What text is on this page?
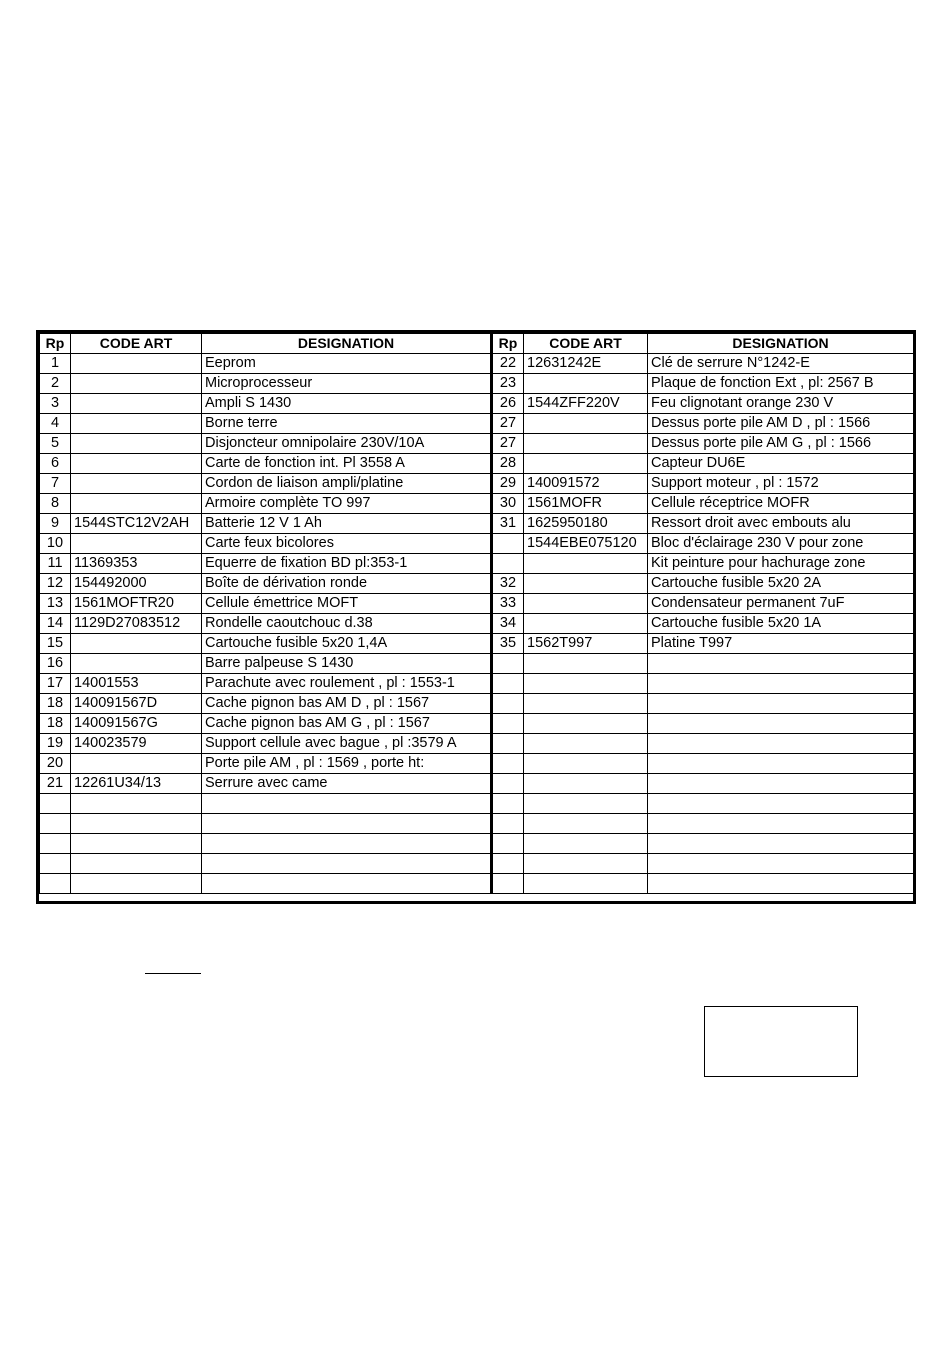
Rp	CODE ART	DESIGNATION	Rp	CODE ART	DESIGNATION
1		Eeprom	22	12631242E	Clé de serrure N°1242-E
2		Microprocesseur	23		Plaque de fonction Ext , pl: 2567 B
3		Ampli S 1430	26	1544ZFF220V	Feu clignotant orange 230 V
4		Borne terre	27		Dessus porte pile AM D , pl : 1566
5		Disjoncteur omnipolaire 230V/10A	27		Dessus porte pile AM G , pl : 1566
6		Carte de fonction int. Pl 3558 A	28		Capteur DU6E
7		Cordon de liaison ampli/platine	29	140091572	Support moteur , pl : 1572
8		Armoire complète TO 997	30	1561MOFR	Cellule réceptrice MOFR
9	1544STC12V2AH	Batterie 12 V 1 Ah	31	1625950180	Ressort droit avec embouts alu
10		Carte feux bicolores		1544EBE075120	Bloc d'éclairage 230 V pour zone
11	11369353	Equerre de fixation BD pl:353-1			Kit peinture pour hachurage zone
12	154492000	Boîte de dérivation ronde	32		Cartouche fusible 5x20 2A
13	1561MOFTR20	Cellule émettrice MOFT	33		Condensateur permanent 7uF
14	1129D27083512	Rondelle caoutchouc d.38	34		Cartouche fusible 5x20 1A
15		Cartouche fusible 5x20 1,4A	35	1562T997	Platine T997
16		Barre palpeuse S 1430			
17	14001553	Parachute avec roulement , pl : 1553-1			
18	140091567D	Cache pignon bas AM D , pl : 1567			
18	140091567G	Cache pignon bas AM G , pl : 1567			
19	140023579	Support cellule avec bague , pl :3579 A			
20		Porte pile AM , pl : 1569 , porte ht:			
21	12261U34/13	Serrure avec came			
